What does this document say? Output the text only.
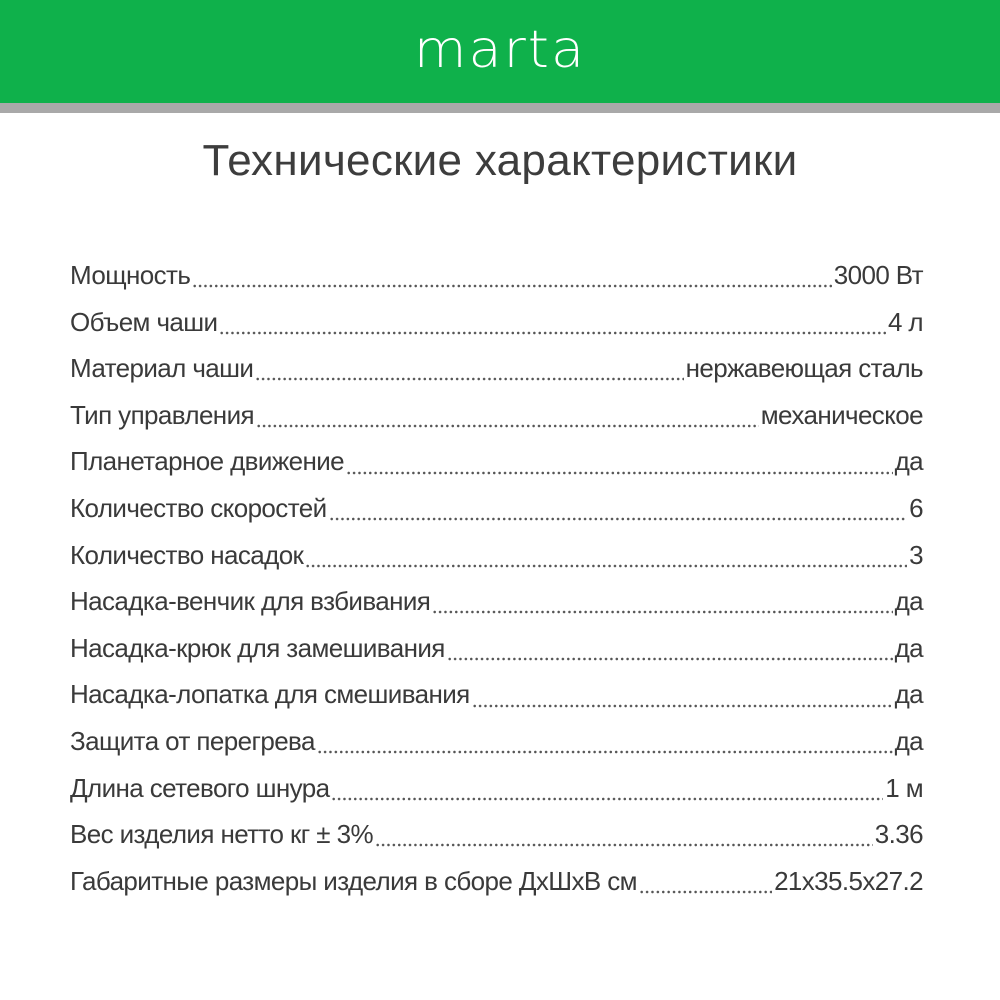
marta
Технические характеристики
Мощность	3000 Вт
Объем чаши	4 л
Материал чаши	нержавеющая сталь
Тип управления	механическое
Планетарное движение	да
Количество скоростей	6
Количество насадок	3
Насадка-венчик для взбивания	да
Насадка-крюк для замешивания	да
Насадка-лопатка для смешивания	да
Защита от перегрева	да
Длина сетевого шнура	1 м
Вес изделия нетто кг ± 3%	3.36
Габаритные размеры изделия в сборе ДхШхВ см	21x35.5x27.2
